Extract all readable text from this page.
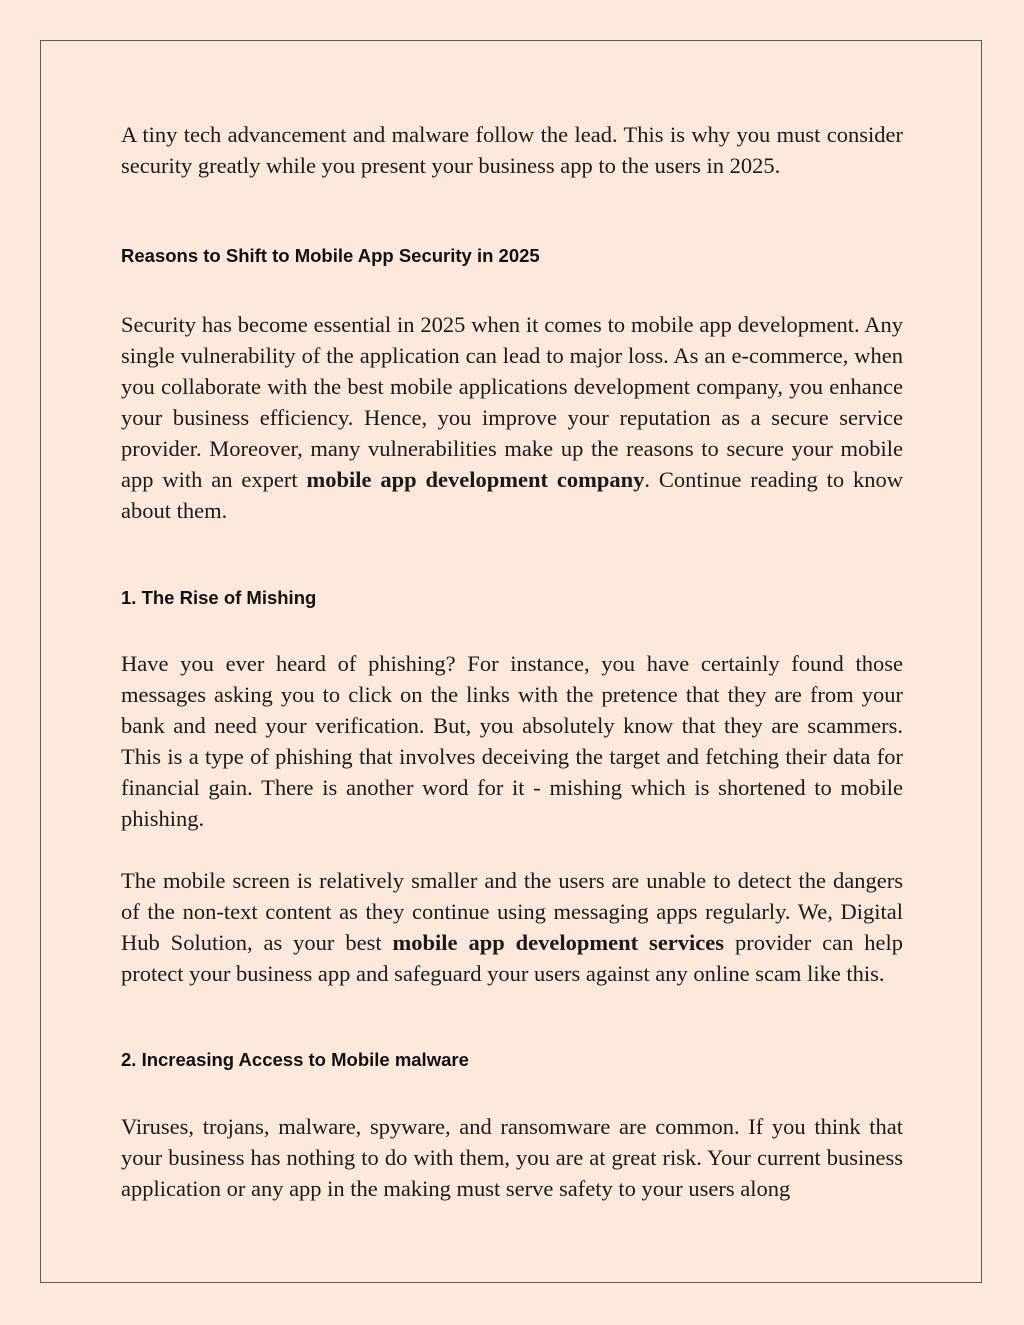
A tiny tech advancement and malware follow the lead. This is why you must consider security greatly while you present your business app to the users in 2025.

Reasons to Shift to Mobile App Security in 2025

Security has become essential in 2025 when it comes to mobile app development. Any single vulnerability of the application can lead to major loss. As an e-commerce, when you collaborate with the best mobile applications development company, you enhance your business efficiency. Hence, you improve your reputation as a secure service provider. Moreover, many vulnerabilities make up the reasons to secure your mobile app with an expert mobile app development company. Continue reading to know about them.

1. The Rise of Mishing

Have you ever heard of phishing? For instance, you have certainly found those messages asking you to click on the links with the pretence that they are from your bank and need your verification. But, you absolutely know that they are scammers. This is a type of phishing that involves deceiving the target and fetching their data for financial gain. There is another word for it - mishing which is shortened to mobile phishing.

The mobile screen is relatively smaller and the users are unable to detect the dangers of the non-text content as they continue using messaging apps regularly. We, Digital Hub Solution, as your best mobile app development services provider can help protect your business app and safeguard your users against any online scam like this.

2. Increasing Access to Mobile malware

Viruses, trojans, malware, spyware, and ransomware are common. If you think that your business has nothing to do with them, you are at great risk. Your current business application or any app in the making must serve safety to your users along
